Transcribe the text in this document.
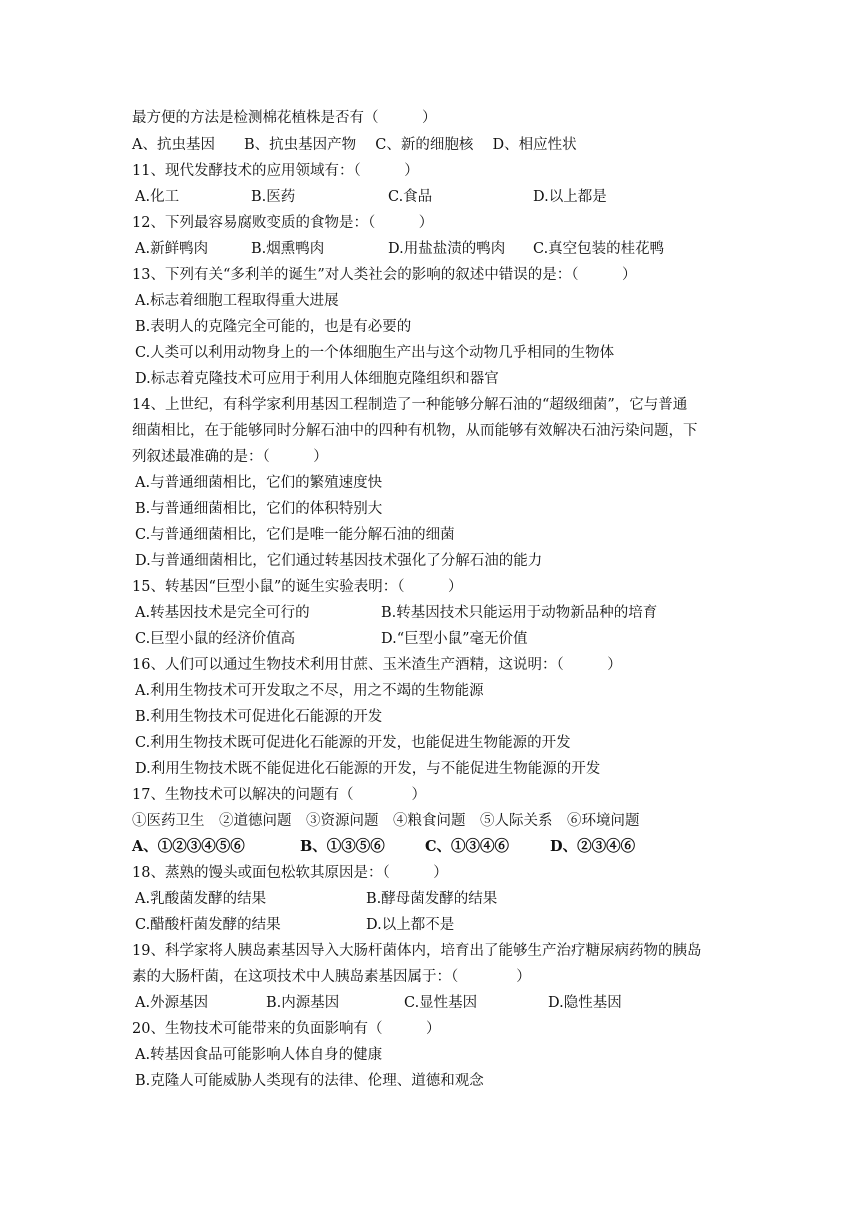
最方便的方法是检测棉花植株是否有（　　　）
A、抗虫基因　　B、抗虫基因产物　 C、新的细胞核　 D、相应性状
11、现代发酵技术的应用领域有：（　　　）
A.化工	B.医药	C.食品	D.以上都是
12、下列最容易腐败变质的食物是：（　　　）
A.新鲜鸭肉	B.烟熏鸭肉	D.用盐盐渍的鸭肉 C.真空包装的桂花鸭
13、下列有关“多利羊的诞生”对人类社会的影响的叙述中错误的是：（　　　）
A.标志着细胞工程取得重大进展
B.表明人的克隆完全可能的，也是有必要的
C.人类可以利用动物身上的一个体细胞生产出与这个动物几乎相同的生物体
D.标志着克隆技术可应用于利用人体细胞克隆组织和器官
14、上世纪，有科学家利用基因工程制造了一种能够分解石油的“超级细菌”，它与普通
细菌相比，在于能够同时分解石油中的四种有机物，从而能够有效解决石油污染问题，下
列叙述最准确的是：（　　　）
A.与普通细菌相比，它们的繁殖速度快
B.与普通细菌相比，它们的体积特别大
C.与普通细菌相比，它们是唯一能分解石油的细菌
D.与普通细菌相比，它们通过转基因技术强化了分解石油的能力
15、转基因“巨型小鼠”的诞生实验表明：（　　　）
A.转基因技术是完全可行的	B.转基因技术只能运用于动物新品种的培育
C.巨型小鼠的经济价值高	D.“巨型小鼠”毫无价值
16、人们可以通过生物技术利用甘蔗、玉米渣生产酒精，这说明：（　　　）
A.利用生物技术可开发取之不尽，用之不竭的生物能源
B.利用生物技术可促进化石能源的开发
C.利用生物技术既可促进化石能源的开发，也能促进生物能源的开发
D.利用生物技术既不能促进化石能源的开发，与不能促进生物能源的开发
17、生物技术可以解决的问题有（　　　　）
①医药卫生　②道德问题　③资源问题　④粮食问题　⑤人际关系　⑥环境问题
A、①②③④⑤⑥	B、①③⑤⑥	C、①③④⑥	D、②③④⑥
18、蒸熟的馒头或面包松软其原因是：（　　　）
A.乳酸菌发酵的结果	B.酵母菌发酵的结果
C.醋酸杆菌发酵的结果	D.以上都不是
19、科学家将人胰岛素基因导入大肠杆菌体内，培育出了能够生产治疗糖尿病药物的胰岛
素的大肠杆菌，在这项技术中人胰岛素基因属于：（　　　　）
A.外源基因	B.内源基因	C.显性基因	D.隐性基因
20、生物技术可能带来的负面影响有（　　　）
A.转基因食品可能影响人体自身的健康
B.克隆人可能威胁人类现有的法律、伦理、道德和观念
